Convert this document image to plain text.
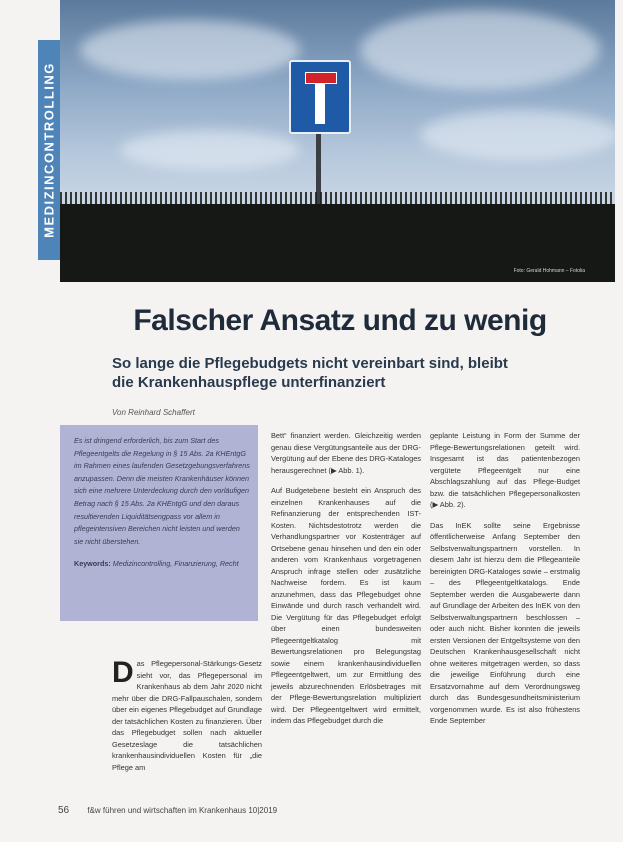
Foto: Gerald Hohmann – Fotolia
MEDIZINCONTROLLING
Falscher Ansatz und zu wenig
So lange die Pflegebudgets nicht vereinbart sind, bleibt die Krankenhauspflege unterfinanziert
Von Reinhard Schaffert
Es ist dringend erforderlich, bis zum Start des Pflegeentgelts die Regelung in § 15 Abs. 2a KHEntgG im Rahmen eines laufenden Gesetzgebungsverfahrens anzupassen. Denn die meisten Krankenhäuser können sich eine mehrere Unterdeckung durch den vorläufigen Betrag nach § 15 Abs. 2a KHEntgG und den daraus resultierenden Liquiditätsengpass vor allem in pflegeintensiven Bereichen nicht leisten und werden sie nicht überstehen.
Keywords: Medizincontrolling, Finanzierung, Recht
Das Pflegepersonal-Stärkungs-Gesetz sieht vor, das Pflegepersonal im Krankenhaus ab dem Jahr 2020 nicht mehr über die DRG-Fallpauschalen, sondern über ein eigenes Pflegebudget auf Grundlage der tatsächlichen Kosten zu finanzieren. Über das Pflegebudget sollen nach aktueller Gesetzeslage die tatsächlichen krankenhausindividuellen Kosten für „die Pflege am

Bett“ finanziert werden. Gleichzeitig werden genau diese Vergütungsanteile aus der DRG-Vergütung auf der Ebene des DRG-Kataloges herausgerechnet (▶ Abb. 1).

Auf Budgetebene besteht ein Anspruch des einzelnen Krankenhauses auf die Refinanzierung der entsprechenden IST-Kosten. Nichtsdestotrotz werden die Verhandlungspartner vor Kostenträger auf Ortsebene genau hinsehen und den ein oder anderen vom Krankenhaus vorgetragenen Anspruch infrage stellen oder zusätzliche Nachweise fordern. Es ist kaum anzunehmen, dass das Pflegebudget ohne Einwände und durch rasch verhandelt wird. Die Vergütung für das Pflegebudget erfolgt über einen bundesweiten Pflegeentgeltkatalog mit Bewertungsrelationen pro Belegungstag sowie einem krankenhausindividuellen Pflegeentgeltwert, um zur Ermittlung des jeweils abzurechnenden Erlösbetrages mit der Pflege-Bewertungsrelation multipliziert wird. Der Pflegeentgeltwert wird ermittelt, indem das Pflegebudget durch die

geplante Leistung in Form der Summe der Pflege-Bewertungsrelationen geteilt wird. Insgesamt ist das patientenbezogen vergütete Pflegeentgelt nur eine Abschlagszahlung auf das Pflege-Budget bzw. die tatsächlichen Pflegepersonalkosten (▶ Abb. 2).

Das InEK sollte seine Ergebnisse öffentlicherweise Anfang September den Selbstverwaltungspartnern vorstellen. In diesem Jahr ist hierzu dem die Pflegeanteile bereinigten DRG-Kataloges sowie – erstmalig – des Pflegeentgeltkatalogs. Ende September werden die Ausgabewerte dann auf Grundlage der Arbeiten des InEK von den Selbstverwaltungspartnern beschlossen – oder auch nicht. Bisher konnten die jeweils ersten Versionen der Entgeltsysteme von den Deutschen Krankenhausgesellschaft nicht ohne weiteres mitgetragen werden, so dass die jeweilige Einführung durch eine Ersatzvornahme auf dem Verordnungsweg durch das Bundesgesundheitsministerium vorgenommen wurde. Es ist also frühestens Ende September

56 f&w führen und wirtschaften im Krankenhaus 10|2019
